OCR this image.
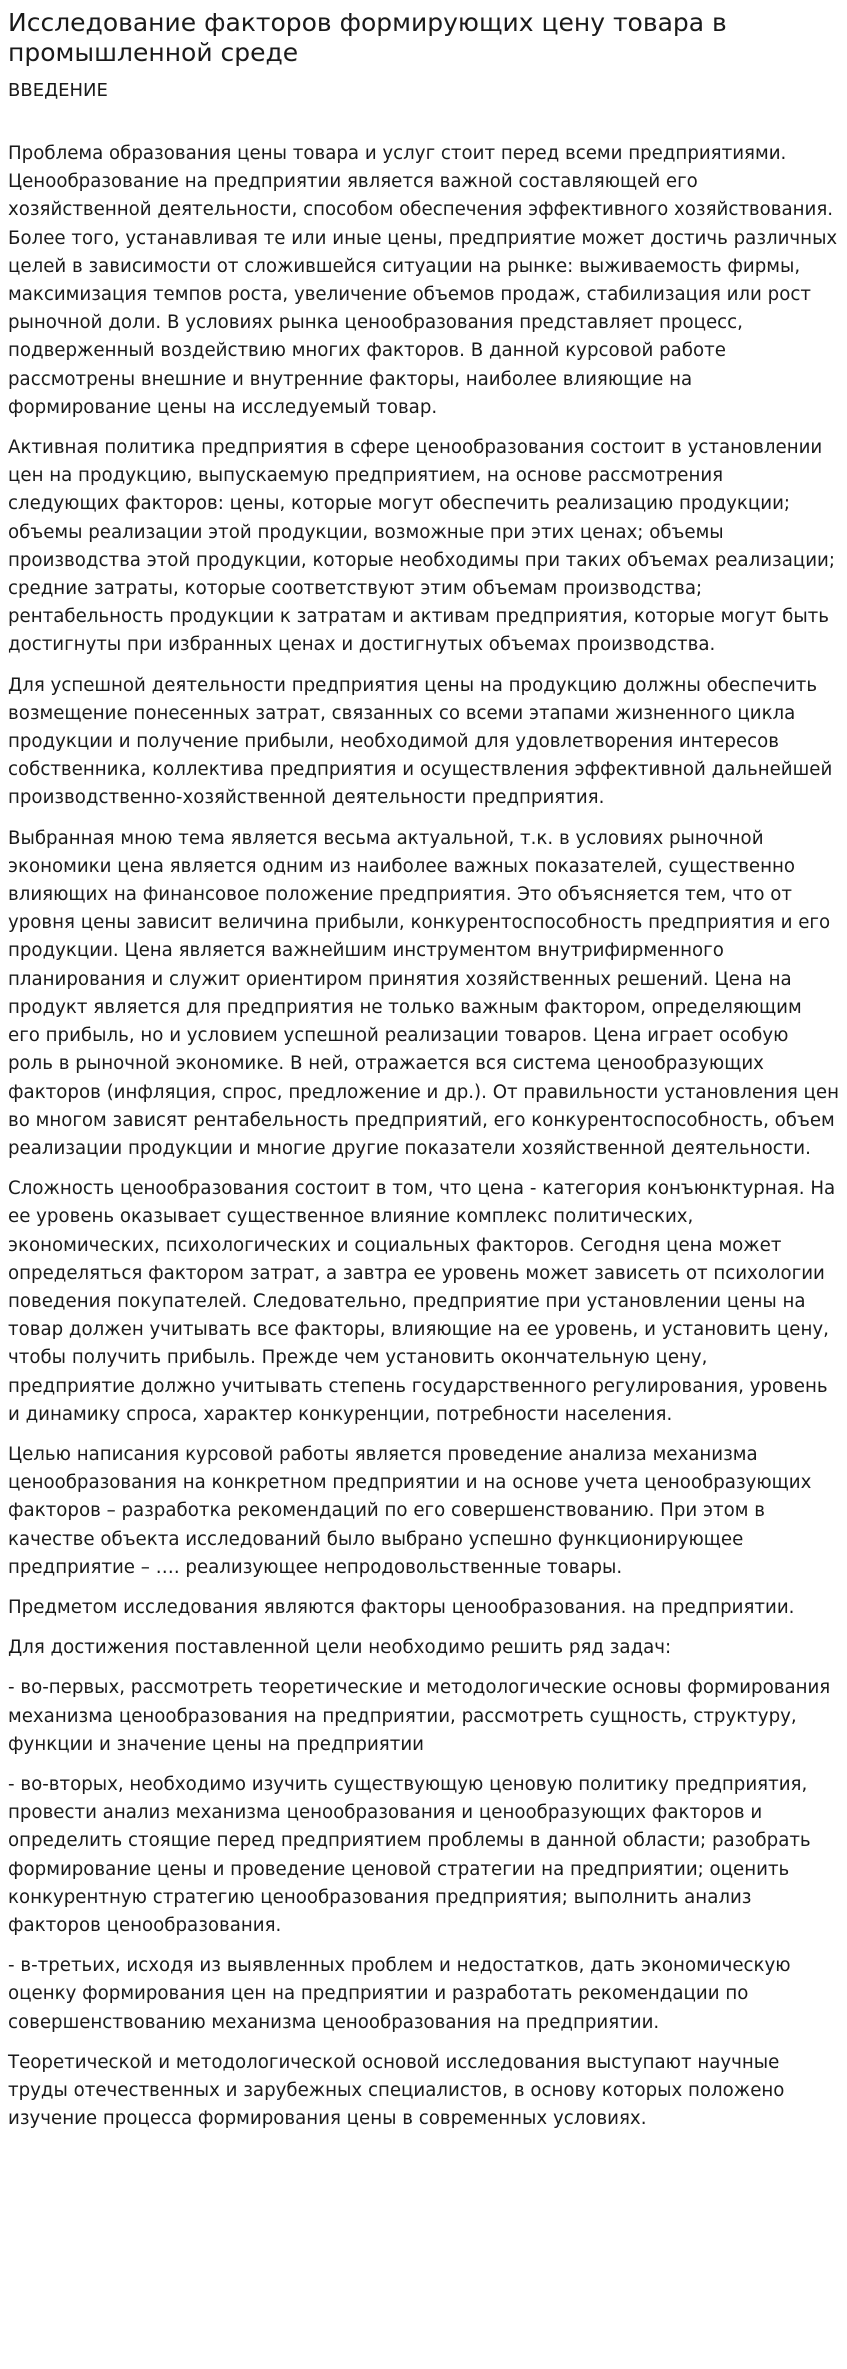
Исследование факторов формирующих цену товара в промышленной среде
ВВЕДЕНИЕ

Проблема образования цены товара и услуг стоит перед всеми предприятиями. Ценообразование на предприятии является важной составляющей его хозяйственной деятельности, способом обеспечения эффективного хозяйствования. Более того, устанавливая те или иные цены, предприятие может достичь различных целей в зависимости от сложившейся ситуации на рынке: выживаемость фирмы, максимизация темпов роста, увеличение объемов продаж, стабилизация или рост рыночной доли. В условиях рынка ценообразования представляет процесс, подверженный воздействию многих факторов. В данной курсовой работе рассмотрены внешние и внутренние факторы, наиболее влияющие на формирование цены на исследуемый товар.

Активная политика предприятия в сфере ценообразования состоит в установлении цен на продукцию, выпускаемую предприятием, на основе рассмотрения следующих факторов: цены, которые могут обеспечить реализацию продукции; объемы реализации этой продукции, возможные при этих ценах; объемы производства этой продукции, которые необходимы при таких объемах реализации; средние затраты, которые соответствуют этим объемам производства; рентабельность продукции к затратам и активам предприятия, которые могут быть достигнуты при избранных ценах и достигнутых объемах производства.

Для успешной деятельности предприятия цены на продукцию должны обеспечить возмещение понесенных затрат, связанных со всеми этапами жизненного цикла продукции и получение прибыли, необходимой для удовлетворения интересов собственника, коллектива предприятия и осуществления эффективной дальнейшей производственно-хозяйственной деятельности предприятия.

Выбранная мною тема является весьма актуальной, т.к. в условиях рыночной экономики цена является одним из наиболее важных показателей, существенно влияющих на финансовое положение предприятия. Это объясняется тем, что от уровня цены зависит величина прибыли, конкурентоспособность предприятия и его продукции. Цена является важнейшим инструментом внутрифирменного планирования и служит ориентиром принятия хозяйственных решений. Цена на продукт является для предприятия не только важным фактором, определяющим его прибыль, но и условием успешной реализации товаров. Цена играет особую роль в рыночной экономике. В ней, отражается вся система ценообразующих факторов (инфляция, спрос, предложение и др.). От правильности установления цен во многом зависят рентабельность предприятий, его конкурентоспособность, объем реализации продукции и многие другие показатели хозяйственной деятельности.

Сложность ценообразования состоит в том, что цена - категория конъюнктурная. На ее уровень оказывает существенное влияние комплекс политических, экономических, психологических и социальных факторов. Сегодня цена может определяться фактором затрат, а завтра ее уровень может зависеть от психологии поведения покупателей. Следовательно, предприятие при установлении цены на товар должен учитывать все факторы, влияющие на ее уровень, и установить цену, чтобы получить прибыль. Прежде чем установить окончательную цену, предприятие должно учитывать степень государственного регулирования, уровень и динамику спроса, характер конкуренции, потребности населения.

Целью написания курсовой работы является проведение анализа механизма ценообразования на конкретном предприятии и на основе учета ценообразующих факторов – разработка рекомендаций по его совершенствованию. При этом в качестве объекта исследований было выбрано успешно функционирующее предприятие – …. реализующее непродовольственные товары.

Предметом исследования являются факторы ценообразования. на предприятии.

Для достижения поставленной цели необходимо решить ряд задач:

- во-первых, рассмотреть теоретические и методологические основы формирования механизма ценообразования на предприятии, рассмотреть сущность, структуру, функции и значение цены на предприятии

- во-вторых, необходимо изучить существующую ценовую политику предприятия, провести анализ механизма ценообразования и ценообразующих факторов и определить стоящие перед предприятием проблемы в данной области; разобрать формирование цены и проведение ценовой стратегии на предприятии; оценить конкурентную стратегию ценообразования предприятия; выполнить анализ факторов ценообразования.

- в-третьих, исходя из выявленных проблем и недостатков, дать экономическую оценку формирования цен на предприятии и разработать рекомендации по совершенствованию механизма ценообразования на предприятии.

Теоретической и методологической основой исследования выступают научные труды отечественных и зарубежных специалистов, в основу которых положено изучение процесса формирования цены в современных условиях.
